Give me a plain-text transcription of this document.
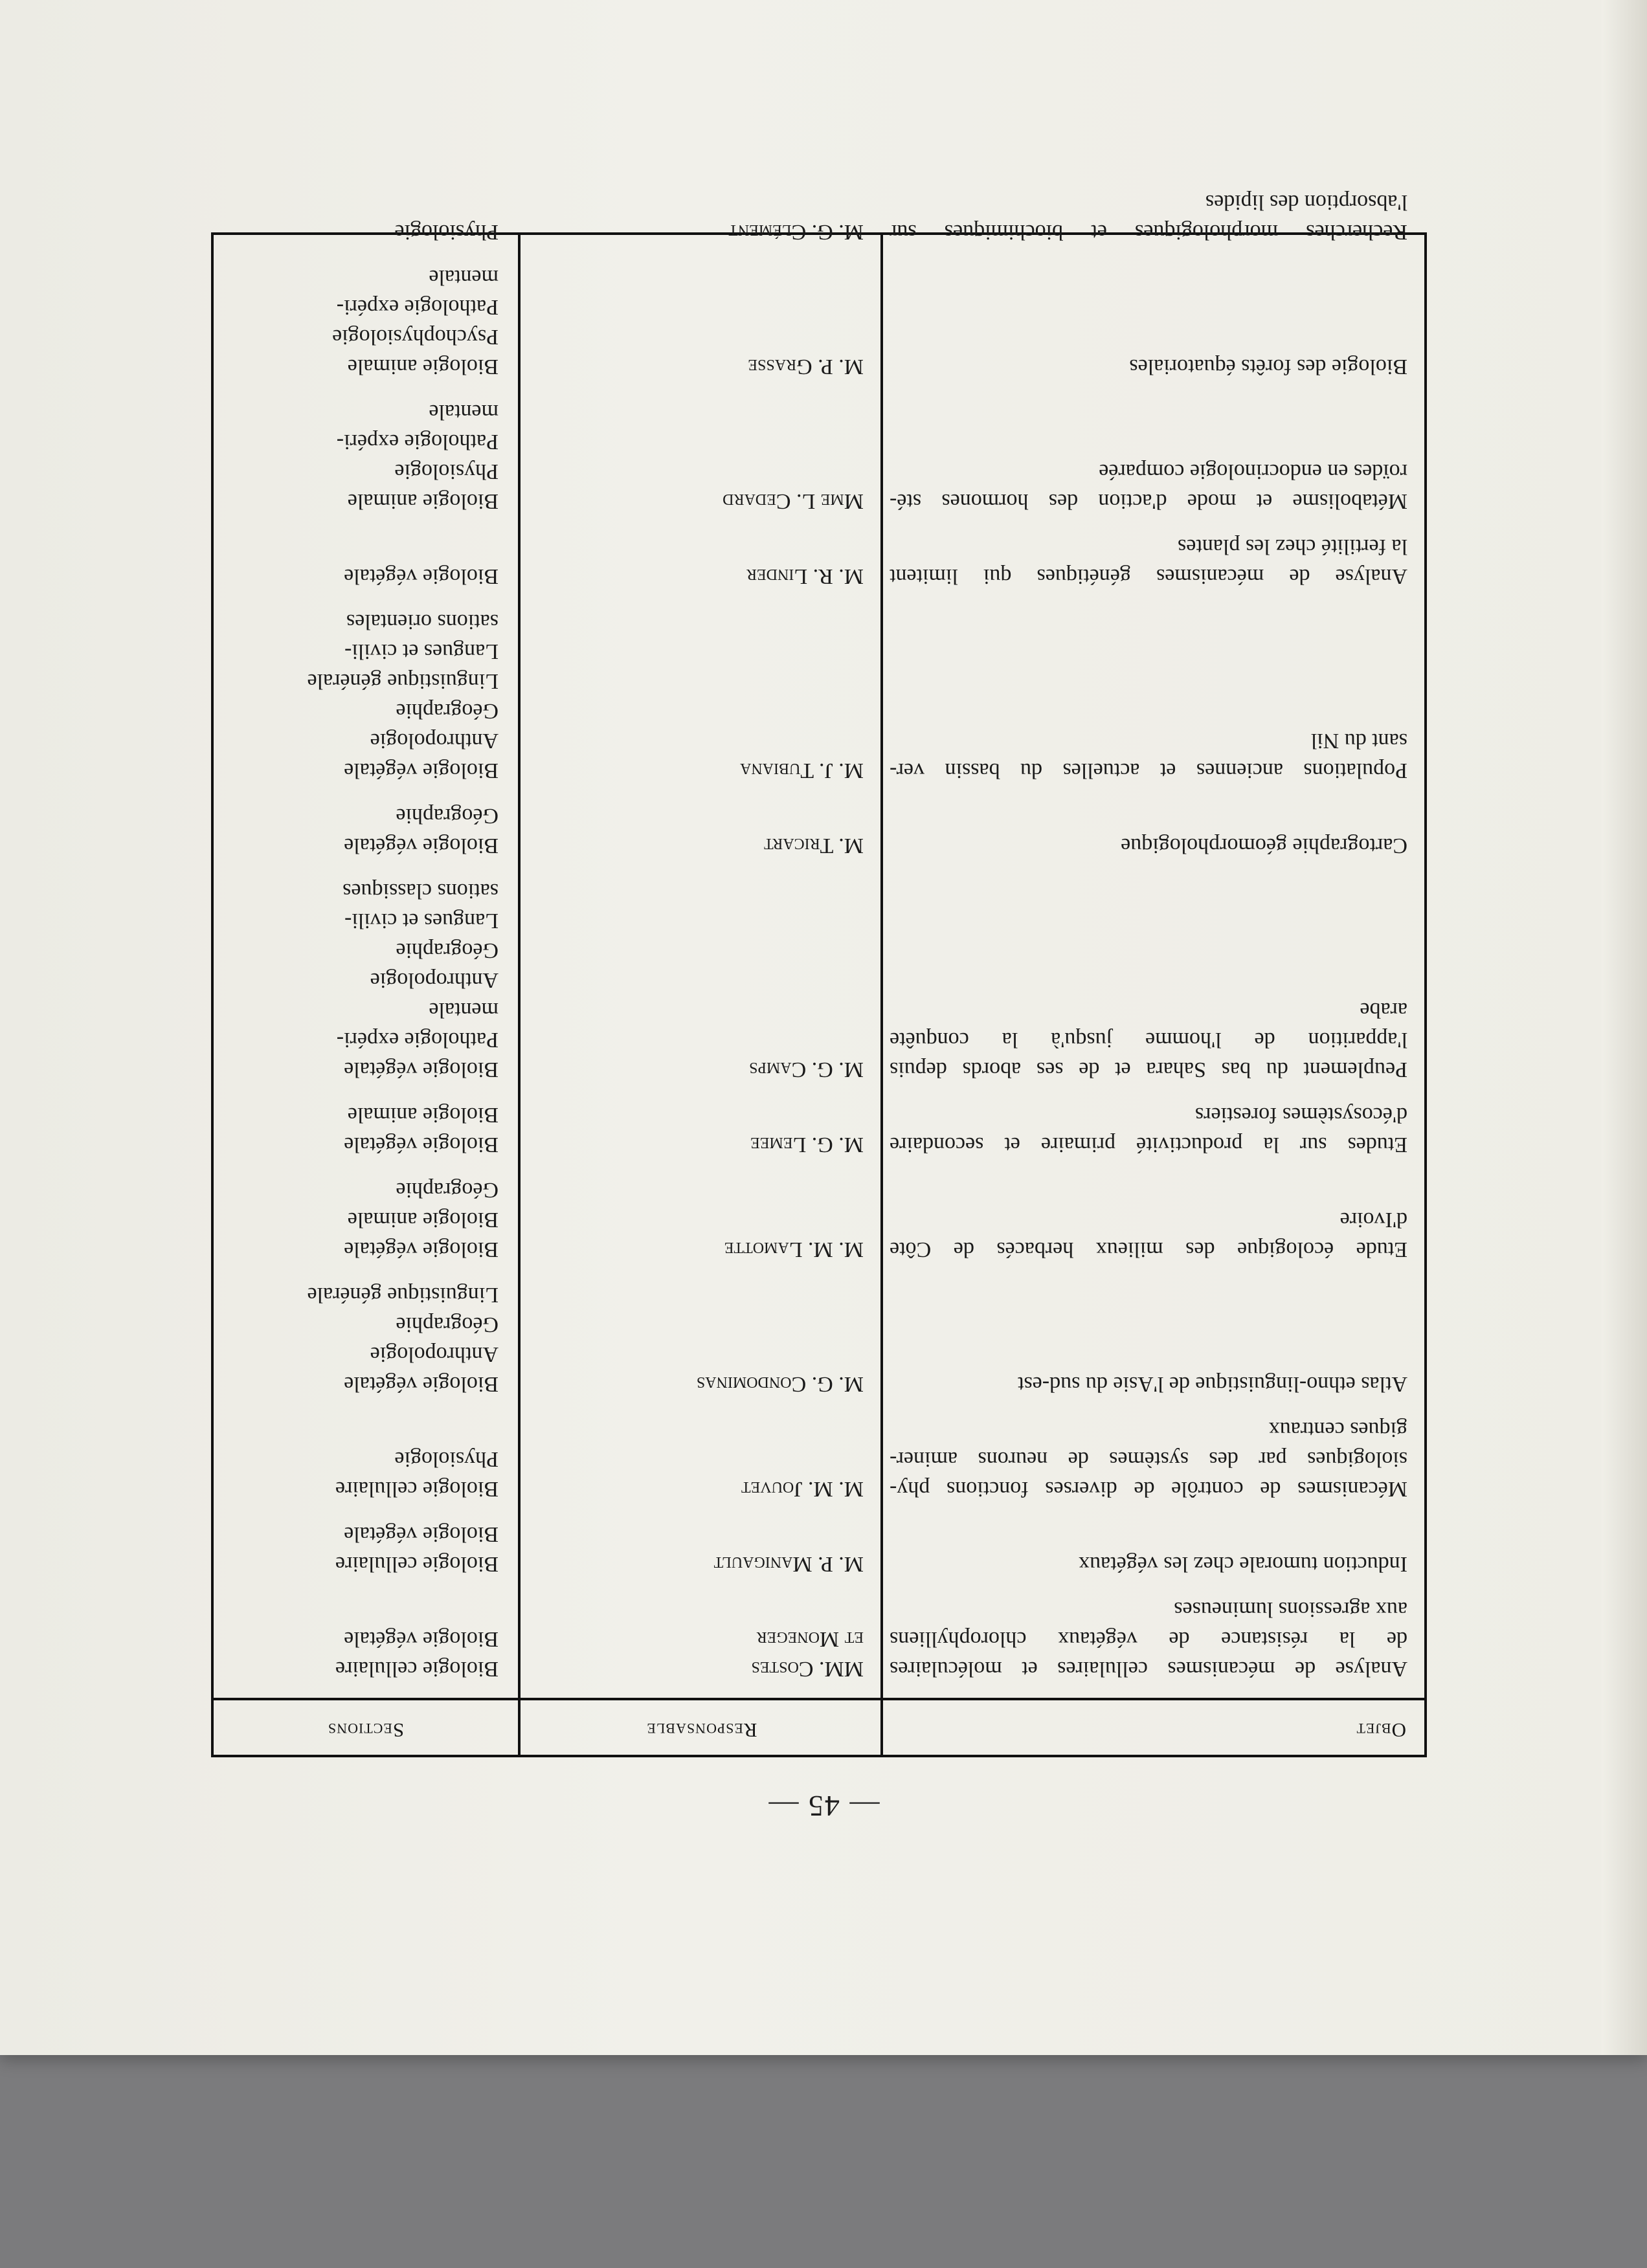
— 45 —
Objet
Responsable
Sections
Analyse de mécanismes cellulaires et moléculaires
de la résistance de végétaux chlorophylliens
aux agressions lumineuses
MM. Costes
et Moneger
Biologie cellulaire
Biologie végétale
Induction tumorale chez les végétaux
M. P. Manigault
Biologie cellulaire
Biologie végétale
Mécanismes de contrôle de diverses fonctions phy-
siologiques par des systèmes de neurons aminer-
giques centraux
M. M. Jouvet
Biologie cellulaire
Physiologie
Atlas ethno-linguistique de l'Asie du sud-est
M. G. Condominas
Biologie végétale
Anthropologie
Géographie
Linguistique générale
Etude écologique des milieux herbacés de Côte
d'Ivoire
M. M. Lamotte
Biologie végétale
Biologie animale
Géographie
Etudes sur la productivité primaire et secondaire
d'écosystèmes forestiers
M. G. Lemee
Biologie végétale
Biologie animale
Peuplement du bas Sahara et de ses abords depuis
l'apparition de l'homme jusqu'à la conquête
arabe
M. G. Camps
Biologie végétale
Pathologie expéri-
mentale
Anthropologie
Géographie
Langues et civili-
sations classiques
Cartographie géomorphologique
M. Tricart
Biologie végétale
Géographie
Populations anciennes et actuelles du bassin ver-
sant du Nil
M. J. Tubiana
Biologie végétale
Anthropologie
Géographie
Linguistique générale
Langues et civili-
sations orientales
Analyse de mécanismes génétiques qui limitent
la fertilité chez les plantes
M. R. Linder
Biologie végétale
Métabolisme et mode d'action des hormones sté-
roïdes en endocrinologie comparée
Mme L. Cedard
Biologie animale
Physiologie
Pathologie expéri-
mentale
Biologie des forêts équatoriales
M. P. Grasse
Biologie animale
Psychophysiologie
Pathologie expéri-
mentale
Recherches morphologiques et biochimiques sur
l'absorption des lipides
M. G. Clément
Physiologie
